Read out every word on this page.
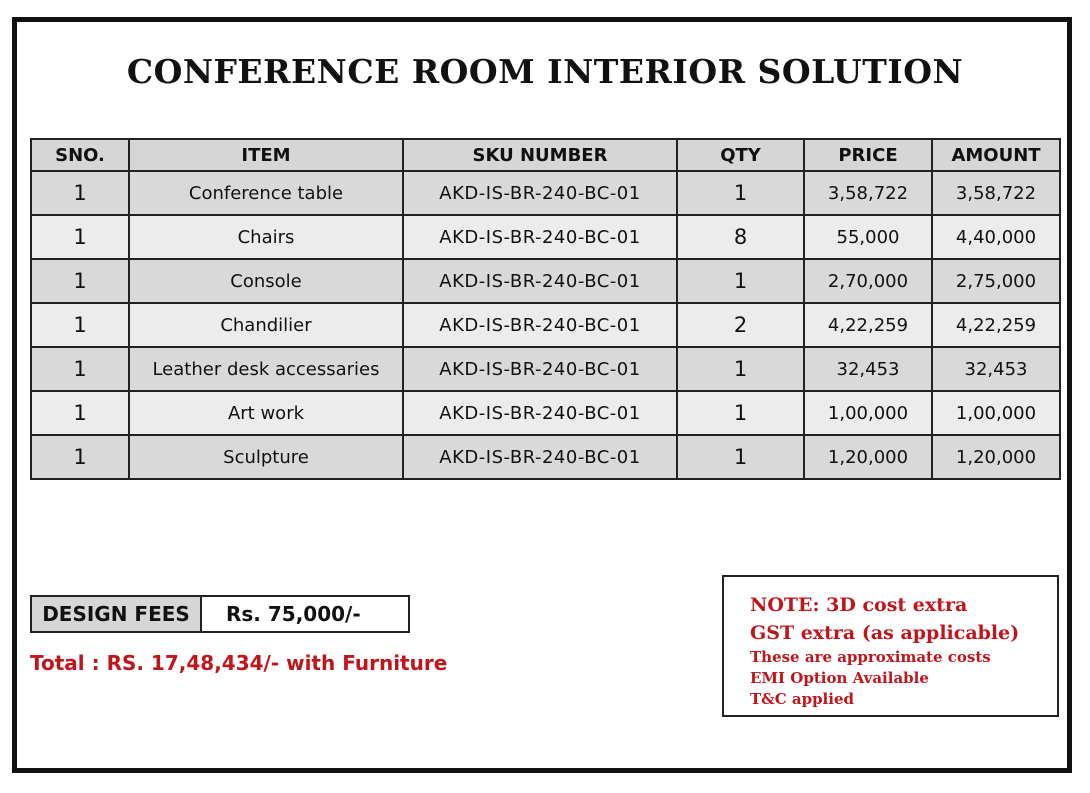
CONFERENCE ROOM INTERIOR SOLUTION
SNO.	ITEM	SKU NUMBER	QTY	PRICE	AMOUNT
1	Conference table	AKD-IS-BR-240-BC-01	1	3,58,722	3,58,722
1	Chairs	AKD-IS-BR-240-BC-01	8	55,000	4,40,000
1	Console	AKD-IS-BR-240-BC-01	1	2,70,000	2,75,000
1	Chandilier	AKD-IS-BR-240-BC-01	2	4,22,259	4,22,259
1	Leather desk accessaries	AKD-IS-BR-240-BC-01	1	32,453	32,453
1	Art work	AKD-IS-BR-240-BC-01	1	1,00,000	1,00,000
1	Sculpture	AKD-IS-BR-240-BC-01	1	1,20,000	1,20,000
DESIGN FEES	Rs. 75,000/-
Total : RS. 17,48,434/- with Furniture
NOTE: 3D cost extra
GST extra (as applicable)
These are approximate costs
EMI Option Available
T&C applied
